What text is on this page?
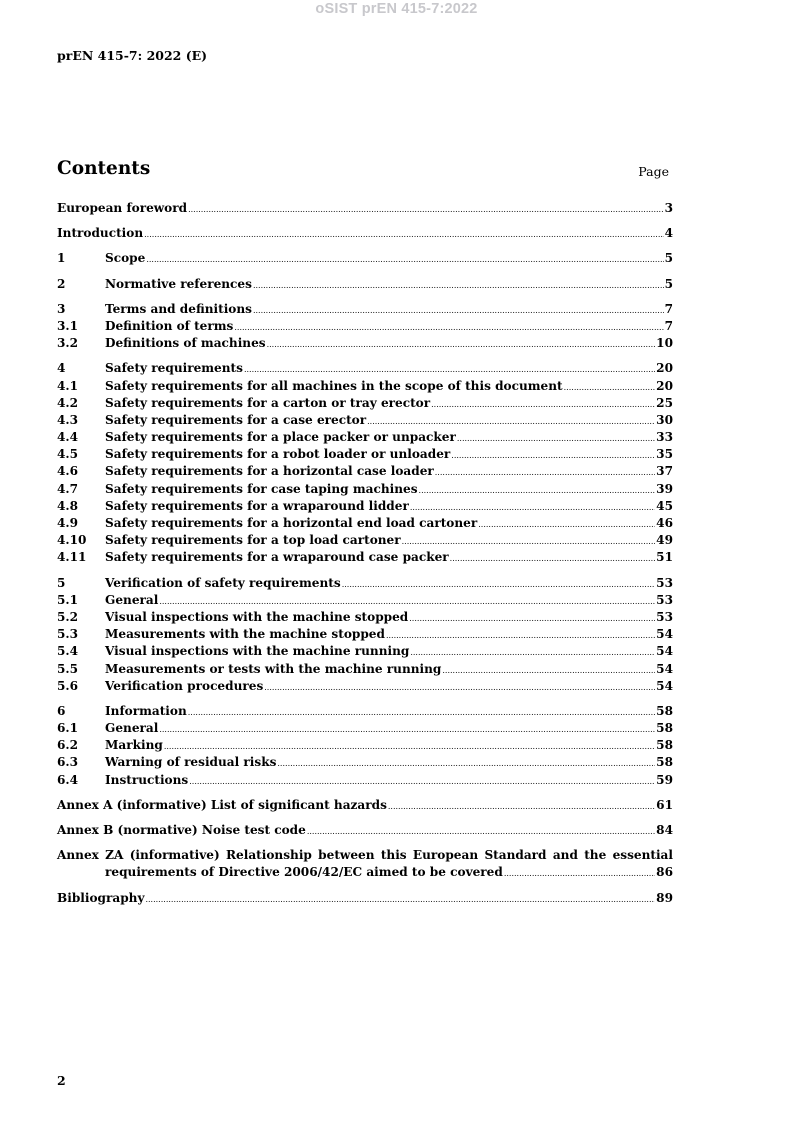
oSIST prEN 415-7:2022
prEN 415-7: 2022 (E)
Contents	Page
European foreword .....	3
Introduction .....	4
1	Scope .....	5
2	Normative references .....	5
3	Terms and definitions .....	7
3.1	Definition of terms .....	7
3.2	Definitions of machines .....	10
4	Safety requirements .....	20
4.1	Safety requirements for all machines in the scope of this document .....	20
4.2	Safety requirements for a carton or tray erector .....	25
4.3	Safety requirements for a case erector .....	30
4.4	Safety requirements for a place packer or unpacker .....	33
4.5	Safety requirements for a robot loader or unloader .....	35
4.6	Safety requirements for a horizontal case loader .....	37
4.7	Safety requirements for case taping machines .....	39
4.8	Safety requirements for a wraparound lidder .....	45
4.9	Safety requirements for a horizontal end load cartoner .....	46
4.10	Safety requirements for a top load cartoner .....	49
4.11	Safety requirements for a wraparound case packer .....	51
5	Verification of safety requirements .....	53
5.1	General .....	53
5.2	Visual inspections with the machine stopped .....	53
5.3	Measurements with the machine stopped .....	54
5.4	Visual inspections with the machine running .....	54
5.5	Measurements or tests with the machine running .....	54
5.6	Verification procedures .....	54
6	Information .....	58
6.1	General .....	58
6.2	Marking .....	58
6.3	Warning of residual risks .....	58
6.4	Instructions .....	59
Annex A (informative) List of significant hazards .....	61
Annex B (normative) Noise test code .....	84
Annex ZA (informative) Relationship between this European Standard and the essential
requirements of Directive 2006/42/EC aimed to be covered .....	86
Bibliography .....	89
2
